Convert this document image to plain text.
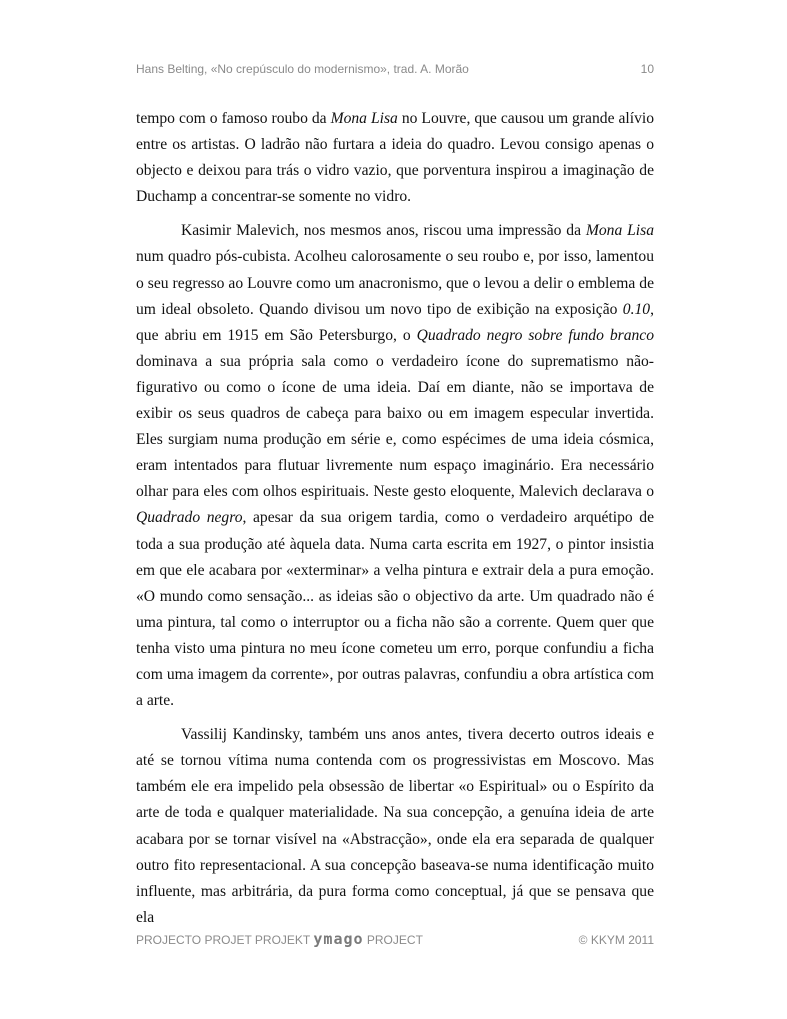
Hans Belting, «No crepúsculo do modernismo», trad. A. Morão	10

tempo com o famoso roubo da Mona Lisa no Louvre, que causou um grande alívio entre os artistas. O ladrão não furtara a ideia do quadro. Levou consigo apenas o objecto e deixou para trás o vidro vazio, que porventura inspirou a imaginação de Duchamp a concentrar-se somente no vidro.

Kasimir Malevich, nos mesmos anos, riscou uma impressão da Mona Lisa num quadro pós-cubista. Acolheu calorosamente o seu roubo e, por isso, lamentou o seu regresso ao Louvre como um anacronismo, que o levou a delir o emblema de um ideal obsoleto. Quando divisou um novo tipo de exibição na exposição 0.10, que abriu em 1915 em São Petersburgo, o Quadrado negro sobre fundo branco dominava a sua própria sala como o verdadeiro ícone do suprematismo não-figurativo ou como o ícone de uma ideia. Daí em diante, não se importava de exibir os seus quadros de cabeça para baixo ou em imagem especular invertida. Eles surgiam numa produção em série e, como espécimes de uma ideia cósmica, eram intentados para flutuar livremente num espaço imaginário. Era necessário olhar para eles com olhos espirituais. Neste gesto eloquente, Malevich declarava o Quadrado negro, apesar da sua origem tardia, como o verdadeiro arquétipo de toda a sua produção até àquela data. Numa carta escrita em 1927, o pintor insistia em que ele acabara por «exterminar» a velha pintura e extrair dela a pura emoção. «O mundo como sensação... as ideias são o objectivo da arte. Um quadrado não é uma pintura, tal como o interruptor ou a ficha não são a corrente. Quem quer que tenha visto uma pintura no meu ícone cometeu um erro, porque confundiu a ficha com uma imagem da corrente», por outras palavras, confundiu a obra artística com a arte.

Vassilij Kandinsky, também uns anos antes, tivera decerto outros ideais e até se tornou vítima numa contenda com os progressivistas em Moscovo. Mas também ele era impelido pela obsessão de libertar «o Espiritual» ou o Espírito da arte de toda e qualquer materialidade. Na sua concepção, a genuína ideia de arte acabara por se tornar visível na «Abstracção», onde ela era separada de qualquer outro fito representacional. A sua concepção baseava-se numa identificação muito influente, mas arbitrária, da pura forma como conceptual, já que se pensava que ela

PROJECTO PROJET PROJEKT ymago PROJECT	© KKYM 2011
